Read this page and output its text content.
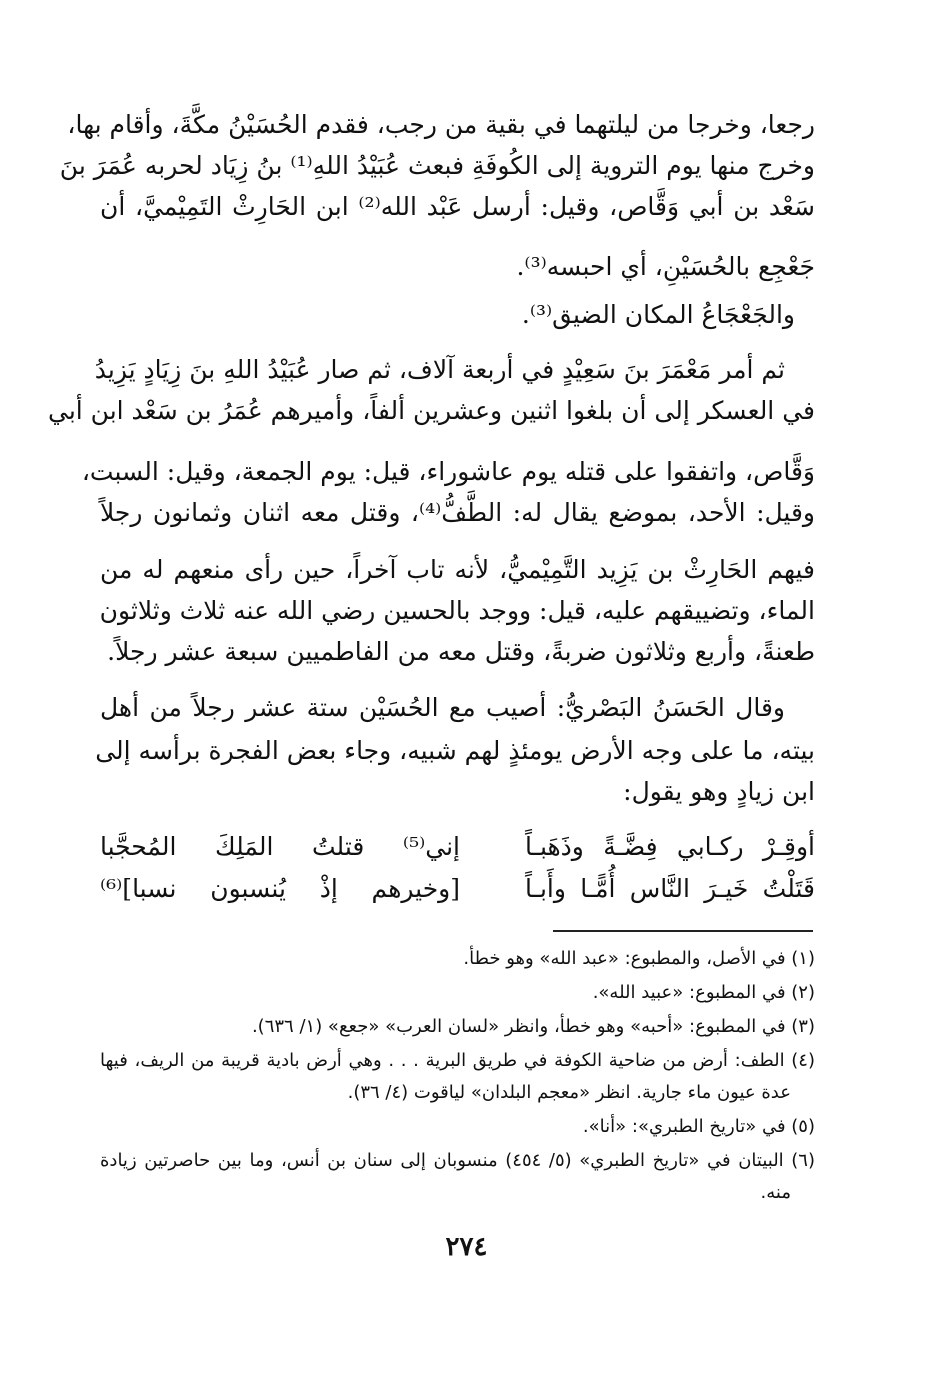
رجعا، وخرجا من ليلتهما في بقية من رجب، فقدم الحُسَيْنُ مكَّةَ، وأقام بها،
وخرج منها يوم التروية إلى الكُوفَةِ فبعث عُبَيْدُ اللهِ⁽¹⁾ بنُ زِيَاد لحربه عُمَرَ بنَ
سَعْد بن أبي وَقَّاص، وقيل: أرسل عَبْد الله⁽²⁾ ابن الحَارِثْ التَمِيْميَّ، أن
جَعْجِع بالحُسَيْنِ، أي احبسه⁽³⁾.
والجَعْجَاعُ المكان الضيق⁽³⁾.
ثم أمر مَعْمَرَ بنَ سَعِيْدٍ في أربعة آلاف، ثم صار عُبَيْدُ اللهِ بنَ زِيَادٍ يَزِيدُ
في العسكر إلى أن بلغوا اثنين وعشرين ألفاً، وأميرهم عُمَرُ بن سَعْد ابن أبي
وَقَّاص، واتفقوا على قتله يوم عاشوراء، قيل: يوم الجمعة، وقيل: السبت،
وقيل: الأحد، بموضع يقال له: الطَّفُّ⁽⁴⁾، وقتل معه اثنان وثمانون رجلاً
فيهم الحَارِثْ بن يَزِيد التَّمِيْميُّ، لأنه تاب آخراً، حين رأى منعهم له من
الماء، وتضييقهم عليه، قيل: ووجد بالحسين رضي الله عنه ثلاث وثلاثون
طعنةً، وأربع وثلاثون ضربةً، وقتل معه من الفاطميين سبعة عشر رجلاً.
وقال الحَسَنُ البَصْريُّ: أصيب مع الحُسَيْن ستة عشر رجلاً من أهل
بيته، ما على وجه الأرض يومئذٍ لهم شبيه، وجاء بعض الفجرة برأسه إلى
ابن زيادٍ وهو يقول:
أوقِـرْ ركـابي فِضَّـةً وذَهَبـاً
إني⁽⁵⁾ قتلتُ المَلِكَ المُحجَّبا
قَتَلْتُ خَيـرَ النَّاس أُمًّـا وأَبـاً
[وخيرهم إذْ يُنسبون نسبا]⁽⁶⁾
(١) في الأصل، والمطبوع: «عبد الله» وهو خطأ.
(٢) في المطبوع: «عبيد الله».
(٣) في المطبوع: «أحبه» وهو خطأ، وانظر «لسان العرب» «جعع» (١/ ٦٣٦).
(٤) الطف: أرض من ضاحية الكوفة في طريق البرية . . . وهي أرض بادية قريبة من الريف، فيها
عدة عيون ماء جارية. انظر «معجم البلدان» لياقوت (٤/ ٣٦).
(٥) في «تاريخ الطبري»: «أنا».
(٦) البيتان في «تاريخ الطبري» (٥/ ٤٥٤) منسوبان إلى سنان بن أنس، وما بين حاصرتين زيادة
منه.
٢٧٤
